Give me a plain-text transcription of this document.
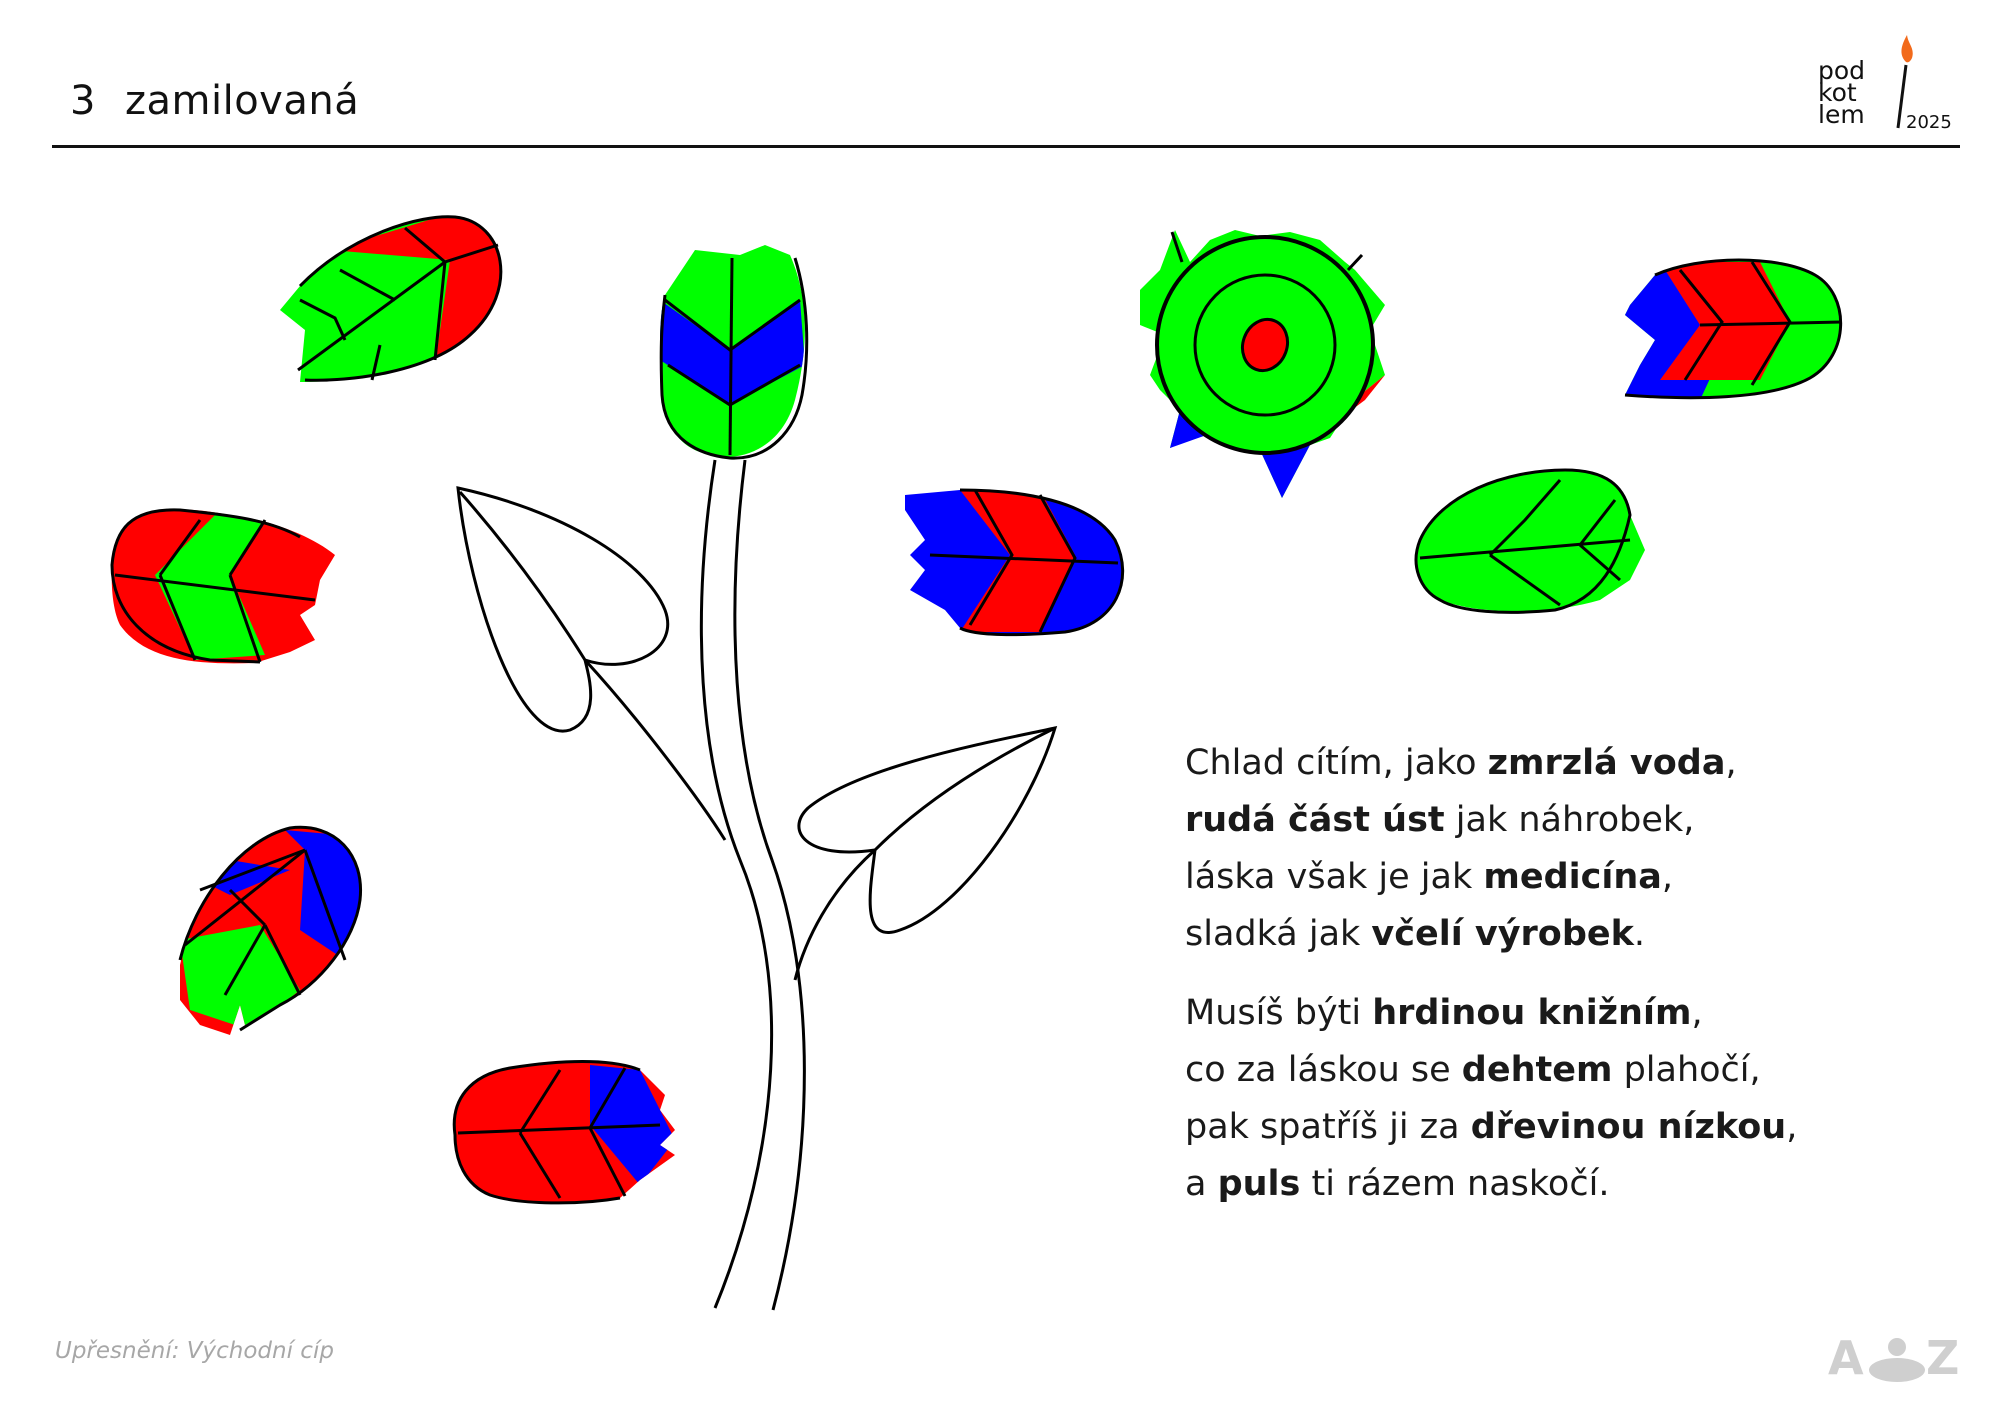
3 zamilovaná
pod
kot
lem 2025
Chlad cítím, jako zmrzlá voda,
rudá část úst jak náhrobek,
láska však je jak medicína,
sladká jak včelí výrobek.
Musíš býti hrdinou knižním,
co za láskou se dehtem plahočí,
pak spatříš ji za dřevinou nízkou,
a puls ti rázem naskočí.
Upřesnění: Východní cíp	A Z
